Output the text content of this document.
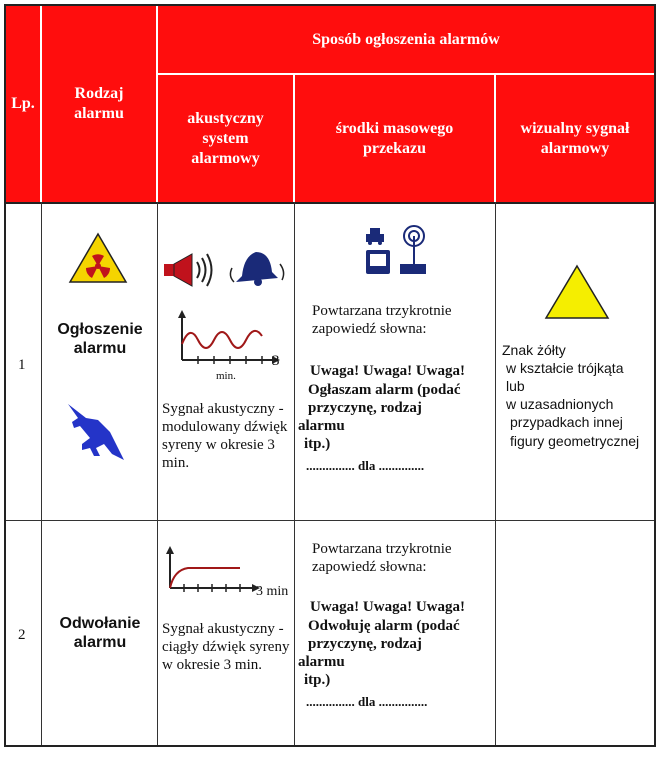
Lp.
Rodzaj alarmu
Sposób ogłoszenia alarmów
akustyczny system alarmowy
środki masowego przekazu
wizualny sygnał alarmowy
1
Ogłoszenie alarmu
3
min.
Sygnał akustyczny - modulowany dźwięk syreny w okresie 3 min.
Powtarzana trzykrotnie zapowiedź słowna:
Uwaga! Uwaga! Uwaga!
Ogłaszam alarm (podać
przyczynę, rodzaj
alarmu
itp.)
............... dla ..............
Znak żółty
w kształcie trójkąta
lub
w uzasadnionych
przypadkach innej
figury geometrycznej
2
Odwołanie alarmu
3 min
Sygnał akustyczny - ciągły dźwięk syreny w okresie 3 min.
Powtarzana trzykrotnie zapowiedź słowna:
Uwaga! Uwaga! Uwaga!
Odwołuję alarm (podać
przyczynę, rodzaj
alarmu
itp.)
............... dla ...............
